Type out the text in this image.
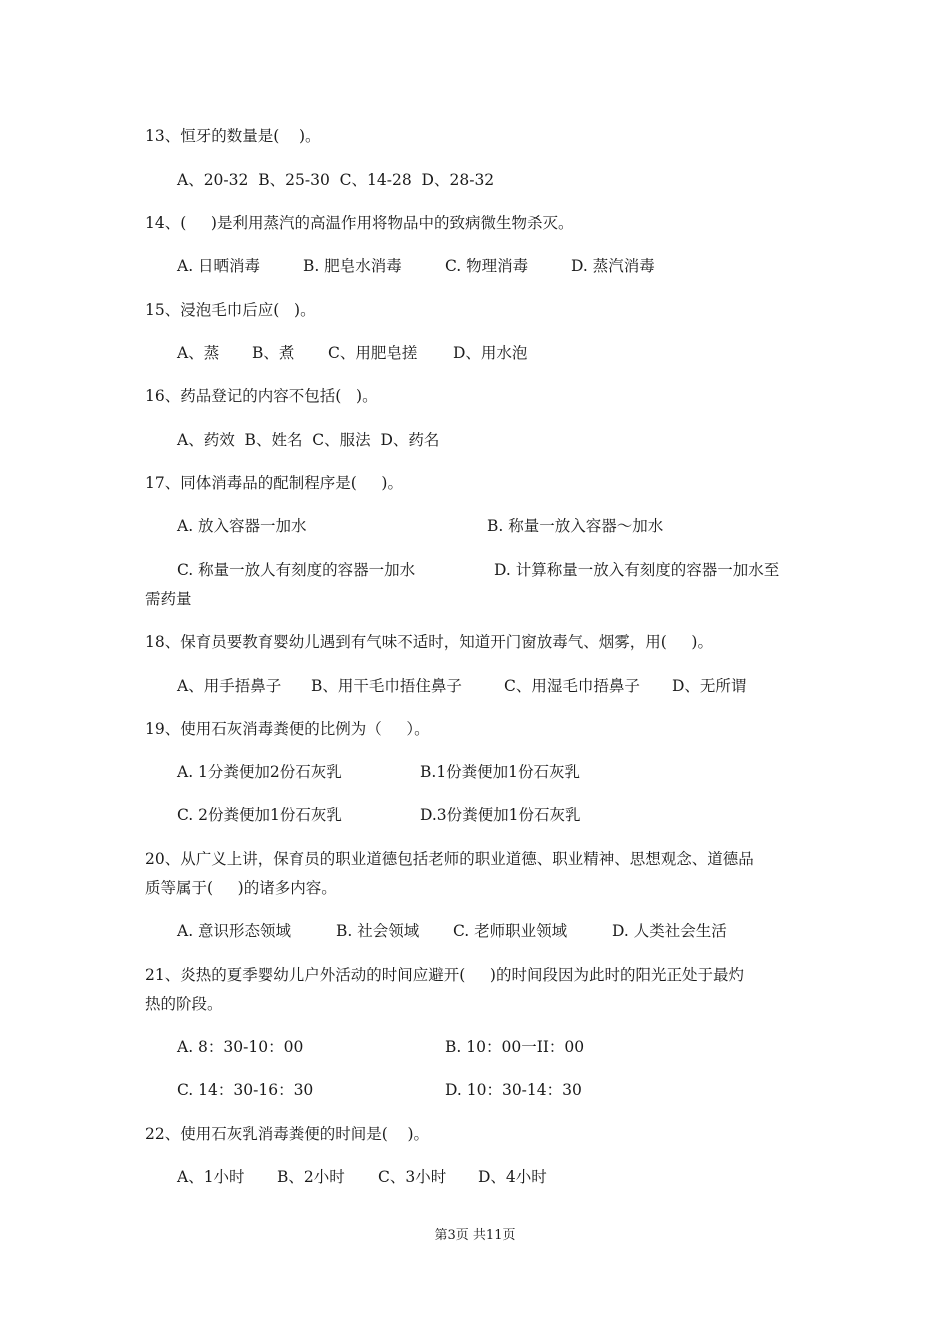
13、恒牙的数量是(    )。
A、20-32  B、25-30  C、14-28  D、28-32
14、(     )是利用蒸汽的高温作用将物品中的致病微生物杀灭。
A. 日晒消毒	B. 肥皂水消毒	C. 物理消毒	D. 蒸汽消毒
15、浸泡毛巾后应(   )。
A、蒸 B、煮 C、用肥皂搓 D、用水泡
16、药品登记的内容不包括(   )。
A、药效  B、姓名  C、服法  D、药名
17、同体消毒品的配制程序是(     )。
A. 放入容器一加水	B. 称量一放入容器～加水
C. 称量一放人有刻度的容器一加水	D. 计算称量一放入有刻度的容器一加水至
需药量
18、保育员要教育婴幼儿遇到有气味不适时，知道开门窗放毒气、烟雾，用(     )。
A、用手捂鼻子 B、用干毛巾捂住鼻子	C、用湿毛巾捂鼻子 D、无所谓
19、使用石灰消毒粪便的比例为（     ）。
A. 1分粪便加2份石灰乳	B.1份粪便加1份石灰乳
C. 2份粪便加1份石灰乳	D.3份粪便加1份石灰乳
20、从广义上讲，保育员的职业道德包括老师的职业道德、职业精神、思想观念、道德品
质等属于(     )的诸多内容。
A. 意识形态领域	B. 社会领域 C. 老师职业领域	D. 人类社会生活
21、炎热的夏季婴幼儿户外活动的时间应避开(     )的时间段因为此时的阳光正处于最灼
热的阶段。
A. 8：30-10：00	B. 10：00一II：00
C. 14：30-16：30	D. 10：30-14：30
22、使用石灰乳消毒粪便的时间是(    )。
A、1小时 B、2小时 C、3小时 D、4小时
第3页 共11页
